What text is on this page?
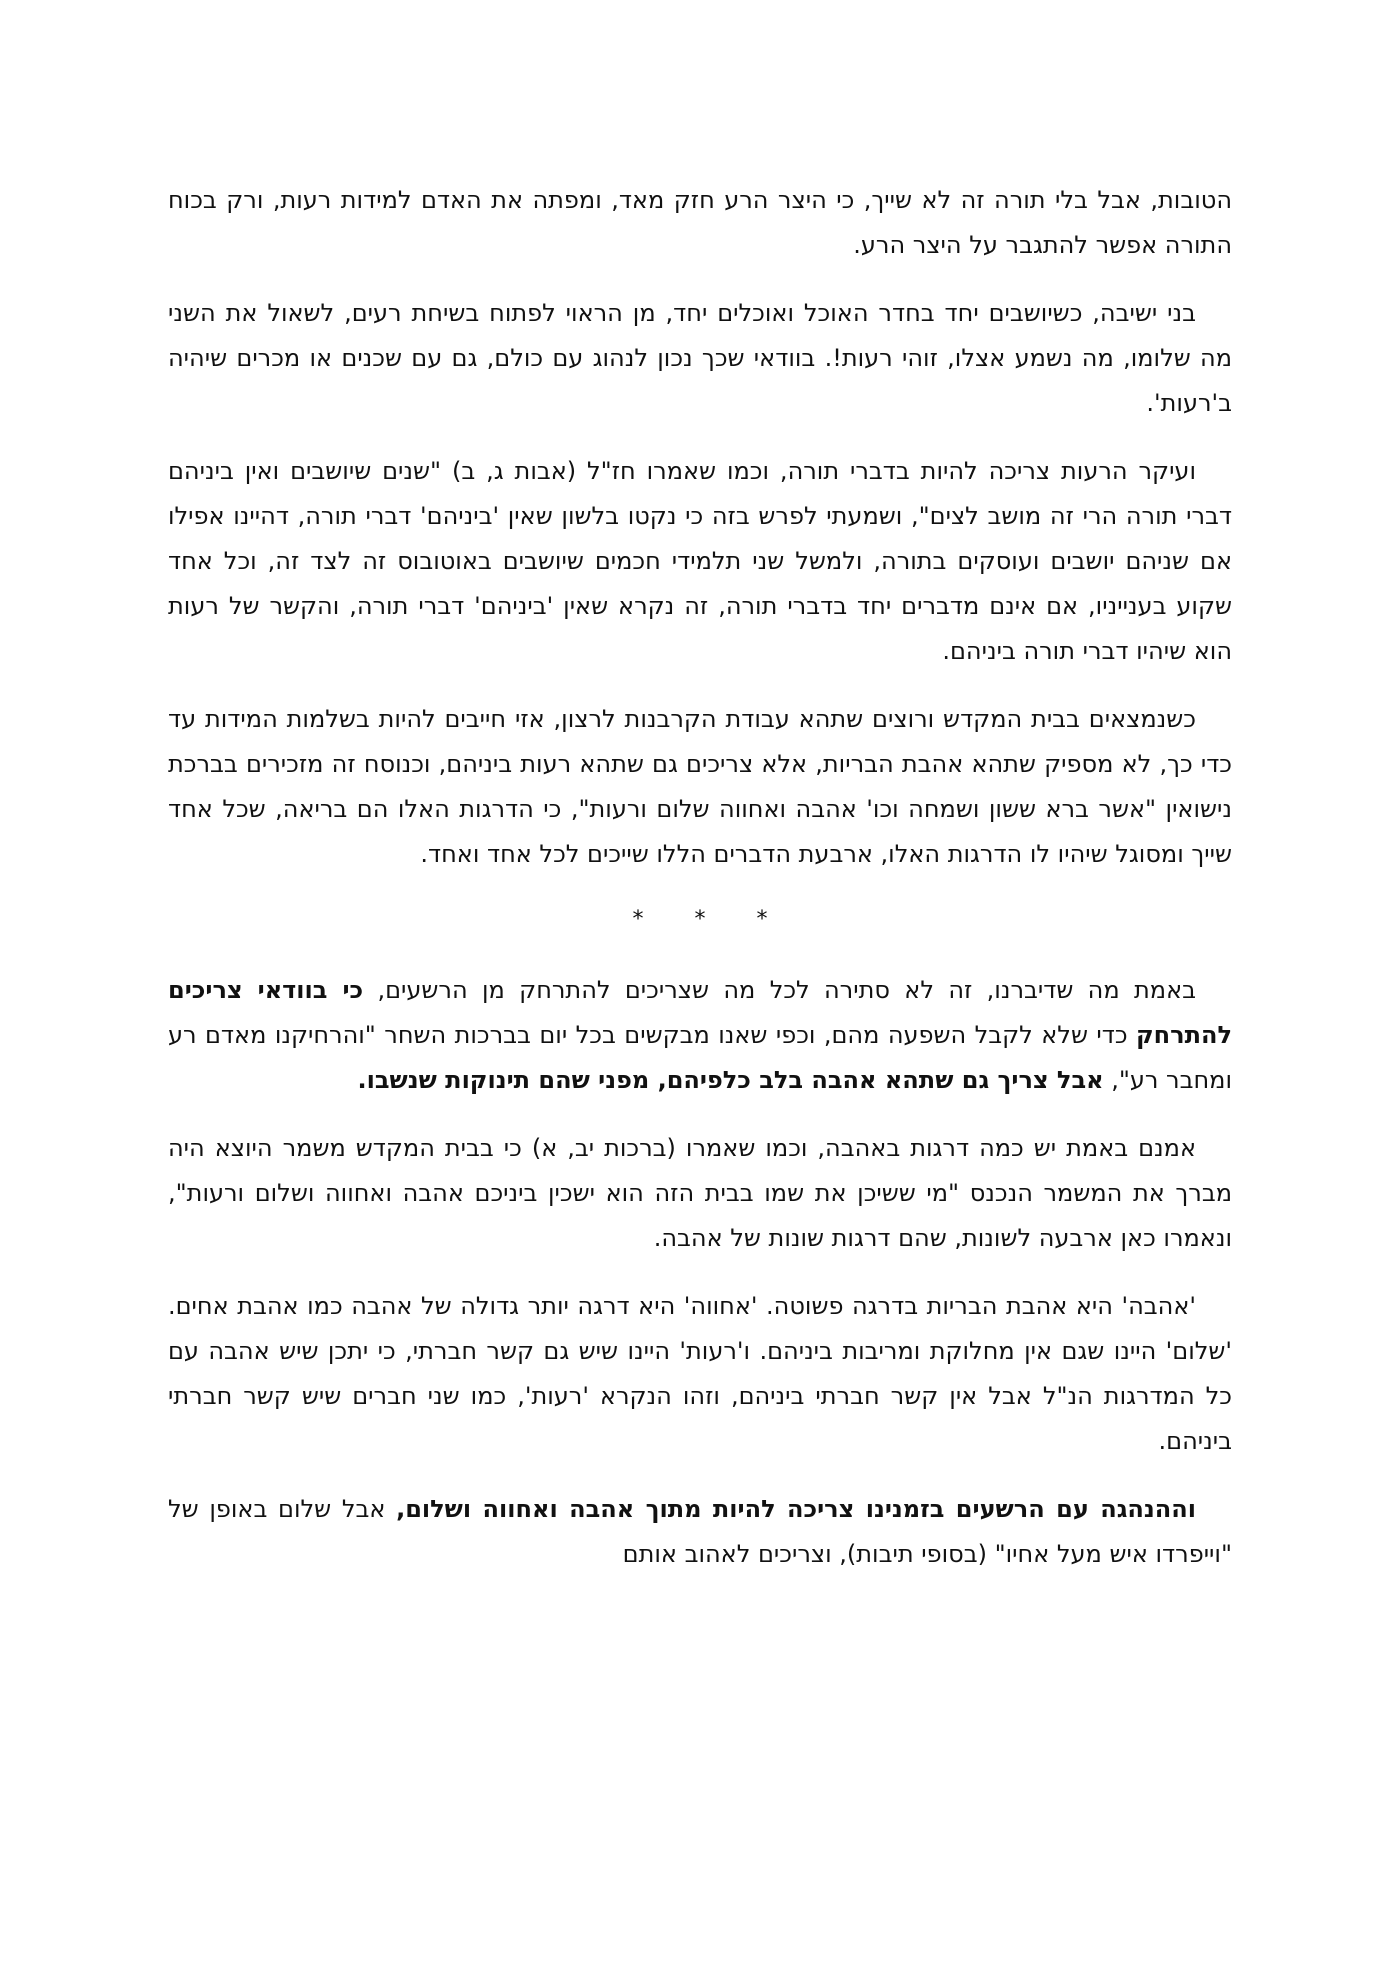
הטובות, אבל בלי תורה זה לא שייך, כי היצר הרע חזק מאד, ומפתה את האדם למידות רעות, ורק בכוח התורה אפשר להתגבר על היצר הרע.

בני ישיבה, כשיושבים יחד בחדר האוכל ואוכלים יחד, מן הראוי לפתוח בשיחת רעים, לשאול את השני מה שלומו, מה נשמע אצלו, זוהי רעות!. בוודאי שכך נכון לנהוג עם כולם, גם עם שכנים או מכרים שיהיה ב'רעות'.

ועיקר הרעות צריכה להיות בדברי תורה, וכמו שאמרו חז"ל (אבות ג, ב) "שנים שיושבים ואין ביניהם דברי תורה הרי זה מושב לצים", ושמעתי לפרש בזה כי נקטו בלשון שאין 'ביניהם' דברי תורה, דהיינו אפילו אם שניהם יושבים ועוסקים בתורה, ולמשל שני תלמידי חכמים שיושבים באוטובוס זה לצד זה, וכל אחד שקוע בענייניו, אם אינם מדברים יחד בדברי תורה, זה נקרא שאין 'ביניהם' דברי תורה, והקשר של רעות הוא שיהיו דברי תורה ביניהם.

כשנמצאים בבית המקדש ורוצים שתהא עבודת הקרבנות לרצון, אזי חייבים להיות בשלמות המידות עד כדי כך, לא מספיק שתהא אהבת הבריות, אלא צריכים גם שתהא רעות ביניהם, וכנוסח זה מזכירים בברכת נישואין "אשר ברא ששון ושמחה וכו' אהבה ואחווה שלום ורעות", כי הדרגות האלו הם בריאה, שכל אחד שייך ומסוגל שיהיו לו הדרגות האלו, ארבעת הדברים הללו שייכים לכל אחד ואחד.

* * *

באמת מה שדיברנו, זה לא סתירה לכל מה שצריכים להתרחק מן הרשעים, כי בוודאי צריכים להתרחק כדי שלא לקבל השפעה מהם, וכפי שאנו מבקשים בכל יום בברכות השחר "והרחיקנו מאדם רע ומחבר רע", אבל צריך גם שתהא אהבה בלב כלפיהם, מפני שהם תינוקות שנשבו.

אמנם באמת יש כמה דרגות באהבה, וכמו שאמרו (ברכות יב, א) כי בבית המקדש משמר היוצא היה מברך את המשמר הנכנס "מי ששיכן את שמו בבית הזה הוא ישכין ביניכם אהבה ואחווה ושלום ורעות", ונאמרו כאן ארבעה לשונות, שהם דרגות שונות של אהבה.

'אהבה' היא אהבת הבריות בדרגה פשוטה. 'אחווה' היא דרגה יותר גדולה של אהבה כמו אהבת אחים. 'שלום' היינו שגם אין מחלוקת ומריבות ביניהם. ו'רעות' היינו שיש גם קשר חברתי, כי יתכן שיש אהבה עם כל המדרגות הנ"ל אבל אין קשר חברתי ביניהם, וזהו הנקרא 'רעות', כמו שני חברים שיש קשר חברתי ביניהם.

וההנהגה עם הרשעים בזמנינו צריכה להיות מתוך אהבה ואחווה ושלום, אבל שלום באופן של "וייפרדו איש מעל אחיו" (בסופי תיבות), וצריכים לאהוב אותם
